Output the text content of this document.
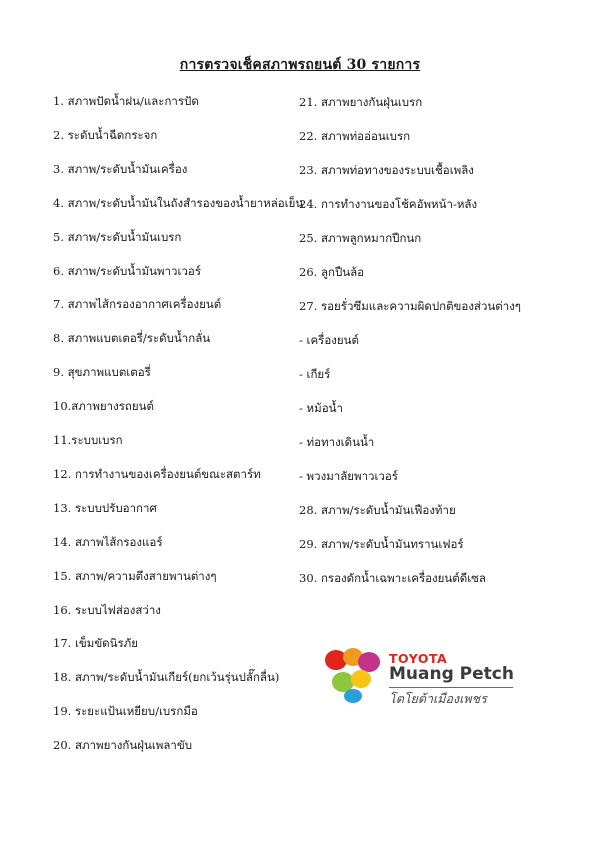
การตรวจเช็คสภาพรถยนต์ 30 รายการ
1. สภาพปัดน้ำฝน/และการปัด
2. ระดับน้ำฉีดกระจก
3. สภาพ/ระดับน้ำมันเครื่อง
4. สภาพ/ระดับน้ำมันในถังสำรองของน้ำยาหล่อเย็น
5. สภาพ/ระดับน้ำมันเบรก
6. สภาพ/ระดับน้ำมันพาวเวอร์
7. สภาพไส้กรองอากาศเครื่องยนต์
8. สภาพแบตเตอรี่/ระดับน้ำกลั่น
9. สุขภาพแบตเตอรี่
10.สภาพยางรถยนต์
11.ระบบเบรก
12. การทำงานของเครื่องยนต์ขณะสตาร์ท
13. ระบบปรับอากาศ
14. สภาพไส้กรองแอร์
15. สภาพ/ความตึงสายพานต่างๆ
16. ระบบไฟส่องสว่าง
17. เข็มขัดนิรภัย
18. สภาพ/ระดับน้ำมันเกียร์(ยกเว้นรุ่นปลั๊กลื่น)
19. ระยะแป้นเหยียบ/เบรกมือ
20. สภาพยางกันฝุ่นเพลาขับ
21. สภาพยางกันฝุ่นเบรก
22. สภาพท่ออ่อนเบรก
23. สภาพท่อทางของระบบเชื้อเพลิง
24. การทำงานของโช้คอัพหน้า-หลัง
25. สภาพลูกหมากปีกนก
26. ลูกปืนล้อ
27. รอยรั่วซึมและความผิดปกติของส่วนต่างๆ
- เครื่องยนต์
- เกียร์
- หม้อน้ำ
- ท่อทางเดินน้ำ
- พวงมาลัยพาวเวอร์
28. สภาพ/ระดับน้ำมันเฟืองท้าย
29. สภาพ/ระดับน้ำมันทรานเฟอร์
30. กรองดักน้ำเฉพาะเครื่องยนต์ดีเซล
TOYOTA
Muang Petch
โตโยต้าเมืองเพชร
